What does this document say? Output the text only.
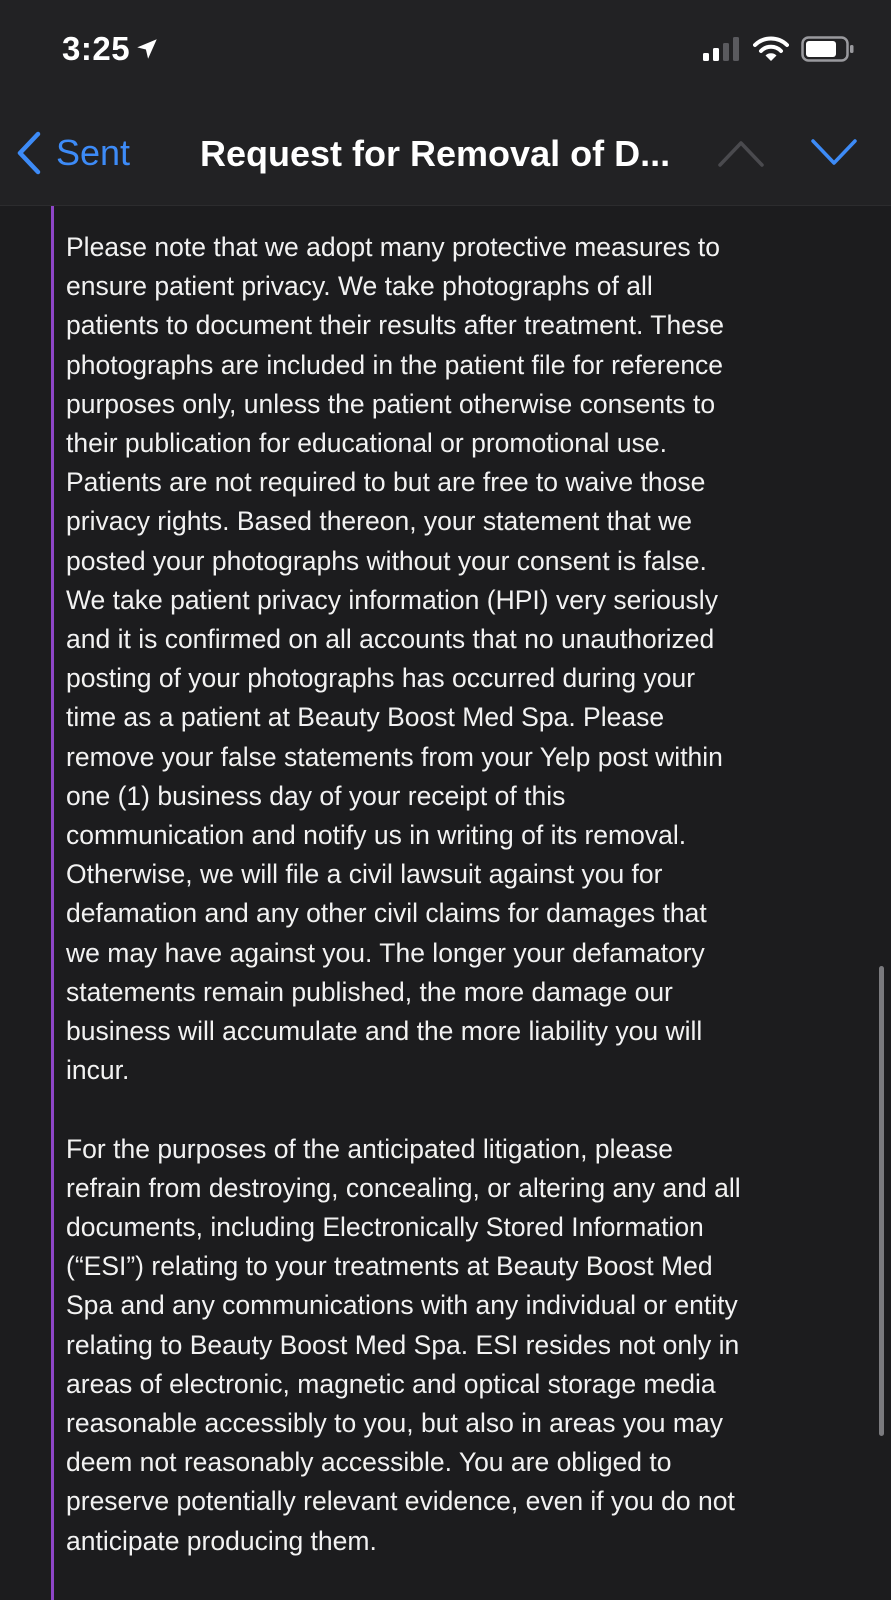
3:25
Sent Request for Removal of D...

Please note that we adopt many protective measures to
ensure patient privacy. We take photographs of all
patients to document their results after treatment. These
photographs are included in the patient file for reference
purposes only, unless the patient otherwise consents to
their publication for educational or promotional use.
Patients are not required to but are free to waive those
privacy rights. Based thereon, your statement that we
posted your photographs without your consent is false.
We take patient privacy information (HPI) very seriously
and it is confirmed on all accounts that no unauthorized
posting of your photographs has occurred during your
time as a patient at Beauty Boost Med Spa. Please
remove your false statements from your Yelp post within
one (1) business day of your receipt of this
communication and notify us in writing of its removal.
Otherwise, we will file a civil lawsuit against you for
defamation and any other civil claims for damages that
we may have against you. The longer your defamatory
statements remain published, the more damage our
business will accumulate and the more liability you will
incur.

For the purposes of the anticipated litigation, please
refrain from destroying, concealing, or altering any and all
documents, including Electronically Stored Information
(“ESI”) relating to your treatments at Beauty Boost Med
Spa and any communications with any individual or entity
relating to Beauty Boost Med Spa. ESI resides not only in
areas of electronic, magnetic and optical storage media
reasonable accessibly to you, but also in areas you may
deem not reasonably accessible. You are obliged to
preserve potentially relevant evidence, even if you do not
anticipate producing them.
